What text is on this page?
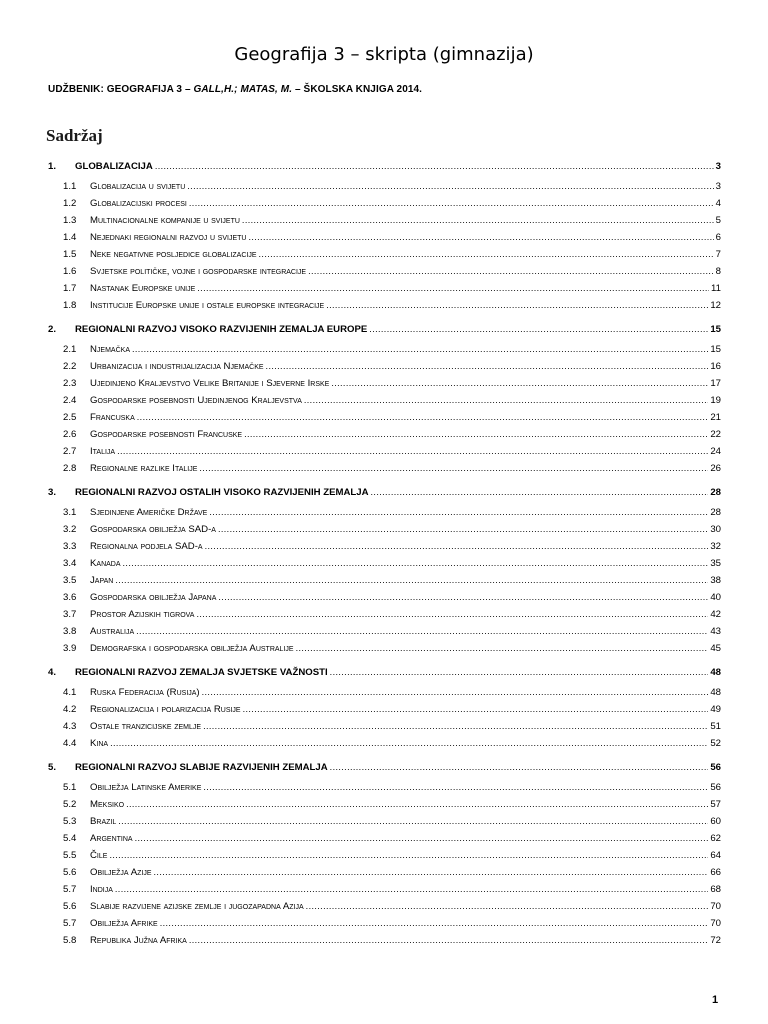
Geografija 3 – skripta (gimnazija)
UDŽBENIK: GEOGRAFIJA 3 – GALL,H.; MATAS, M. – ŠKOLSKA KNJIGA 2014.
Sadržaj
1.	GLOBALIZACIJA .....	3
1.1	Globalizacija u svijetu .....	3
1.2	Globalizacijski procesi .....	4
1.3	Multinacionalne kompanije u svijetu .....	5
1.4	Nejednaki regionalni razvoj u svijetu .....	6
1.5	Neke negativne posljedice globalizacije .....	7
1.6	Svjetske političke, vojne i gospodarske integracije .....	8
1.7	Nastanak Europske unije .....	11
1.8	Institucije Europske unije i ostale europske integracije .....	12
2.	REGIONALNI RAZVOJ VISOKO RAZVIJENIH ZEMALJA EUROPE .....	15
2.1	Njemačka .....	15
2.2	Urbanizacija i industrijalizacija Njemačke .....	16
2.3	Ujedinjeno Kraljevstvo Velike Britanije i Sjeverne Irske .....	17
2.4	Gospodarske posebnosti Ujedinjenog Kraljevstva .....	19
2.5	Francuska .....	21
2.6	Gospodarske posebnosti Francuske .....	22
2.7	Italija .....	24
2.8	Regionalne razlike Italije .....	26
3.	REGIONALNI RAZVOJ OSTALIH VISOKO RAZVIJENIH ZEMALJA .....	28
3.1	Sjedinjene Američke Države .....	28
3.2	Gospodarska obilježja SAD-a .....	30
3.3	Regionalna podjela SAD-a .....	32
3.4	Kanada .....	35
3.5	Japan .....	38
3.6	Gospodarska obilježja Japana .....	40
3.7	Prostor Azijskih tigrova .....	42
3.8	Australija .....	43
3.9	Demografska i gospodarska obilježja Australije .....	45
4.	REGIONALNI RAZVOJ ZEMALJA SVJETSKE VAŽNOSTI .....	48
4.1	Ruska Federacija (Rusija) .....	48
4.2	Regionalizacija i polarizacija Rusije .....	49
4.3	Ostale tranzicijske zemlje .....	51
4.4	Kina .....	52
5.	REGIONALNI RAZVOJ SLABIJE RAZVIJENIH ZEMALJA .....	56
5.1	Obilježja Latinske Amerike .....	56
5.2	Meksiko .....	57
5.3	Brazil .....	60
5.4	Argentina .....	62
5.5	Čile .....	64
5.6	Obilježja Azije .....	66
5.7	Indija .....	68
5.6	Slabije razvijene azijske zemlje i jugozapadna Azija .....	70
5.7	Obilježja Afrike .....	70
5.8	Republika Južna Afrika .....	72
1
